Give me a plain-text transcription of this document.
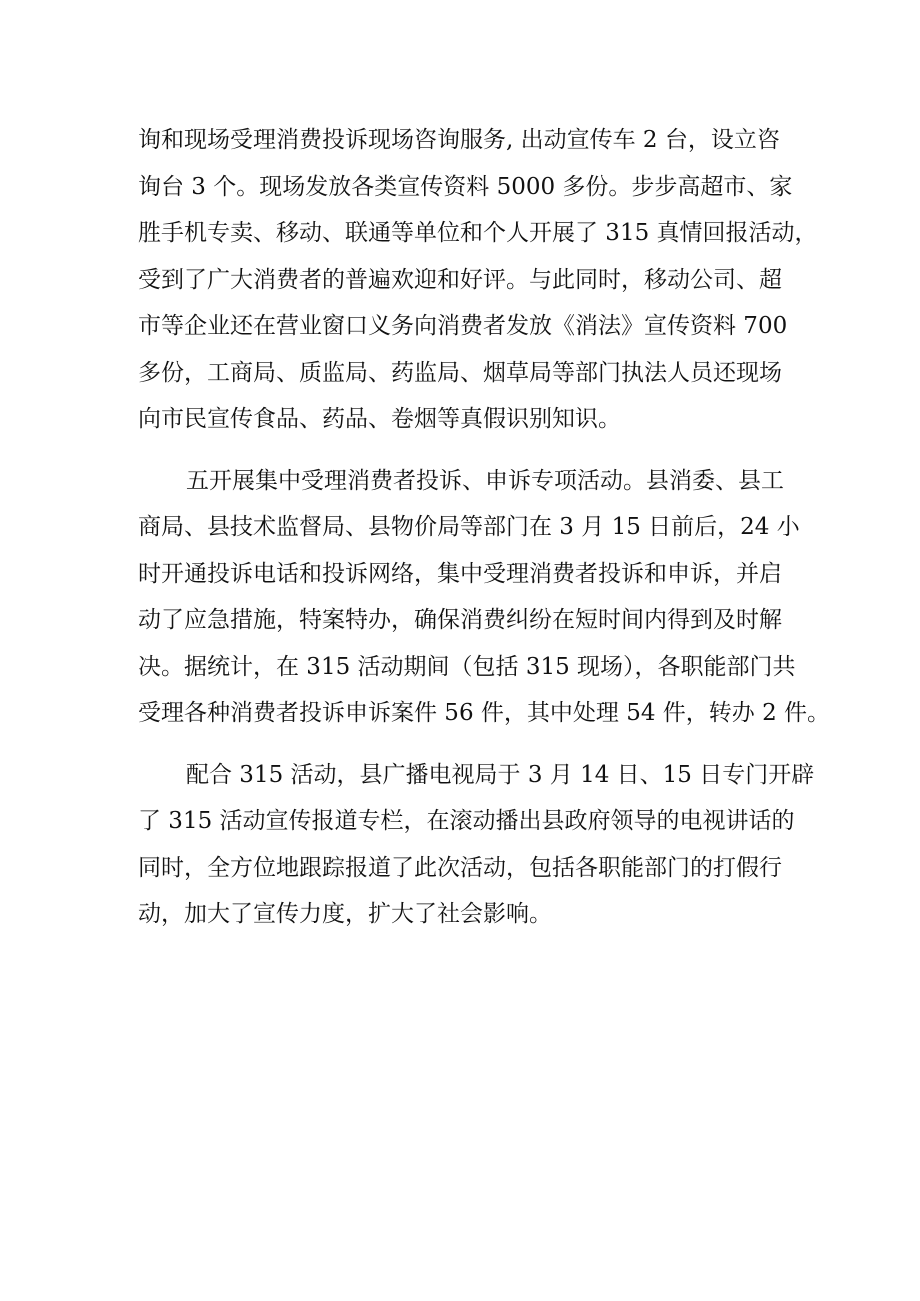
询和现场受理消费投诉现场咨询服务, 出动宣传车 2 台，设立咨
询台 3 个。现场发放各类宣传资料 5000 多份。步步高超市、家
胜手机专卖、移动、联通等单位和个人开展了 315 真情回报活动，
受到了广大消费者的普遍欢迎和好评。与此同时，移动公司、超
市等企业还在营业窗口义务向消费者发放《消法》宣传资料 700
多份，工商局、质监局、药监局、烟草局等部门执法人员还现场
向市民宣传食品、药品、卷烟等真假识别知识。

五开展集中受理消费者投诉、申诉专项活动。县消委、县工
商局、县技术监督局、县物价局等部门在 3 月 15 日前后，24 小
时开通投诉电话和投诉网络，集中受理消费者投诉和申诉，并启
动了应急措施，特案特办，确保消费纠纷在短时间内得到及时解
决。据统计，在 315 活动期间（包括 315 现场），各职能部门共
受理各种消费者投诉申诉案件 56 件，其中处理 54 件，转办 2 件。

配合 315 活动，县广播电视局于 3 月 14 日、15 日专门开辟
了 315 活动宣传报道专栏，在滚动播出县政府领导的电视讲话的
同时，全方位地跟踪报道了此次活动，包括各职能部门的打假行
动，加大了宣传力度，扩大了社会影响。
